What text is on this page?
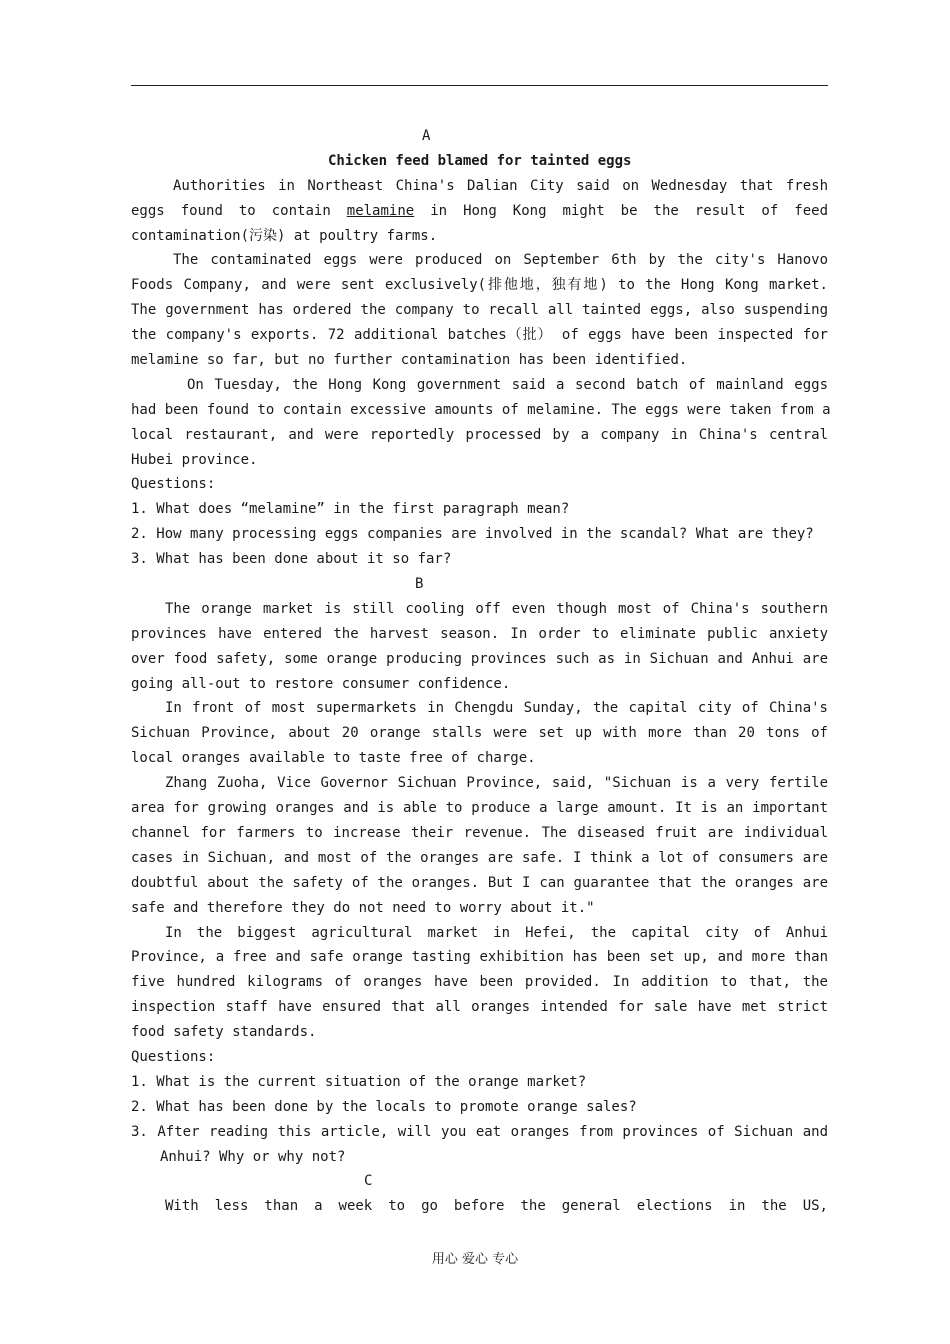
A
Chicken feed blamed for tainted eggs
Authorities in Northeast China's Dalian City said on Wednesday that fresh
eggs found to contain melamine in Hong Kong might be the result of feed
contamination(污染) at poultry farms.
The contaminated eggs were produced on September 6th by the city's Hanovo
Foods Company, and were sent exclusively(排他地，独有地) to the Hong Kong market.
The government has ordered the company to recall all tainted eggs, also suspending
the company's exports. 72 additional batches（批） of eggs have been inspected for
melamine so far, but no further contamination has been identified.
On Tuesday, the Hong Kong government said a second batch of mainland eggs
had been found to contain excessive amounts of melamine. The eggs were taken from a
local restaurant, and were reportedly processed by a company in China's central
Hubei province.
Questions:
1. What does “melamine” in the first paragraph mean?
2. How many processing eggs companies are involved in the scandal? What are they?
3. What has been done about it so far?
B
The orange market is still cooling off even though most of China's southern
provinces have entered the harvest season. In order to eliminate public anxiety
over food safety, some orange producing provinces such as in Sichuan and Anhui are
going all-out to restore consumer confidence.
In front of most supermarkets in Chengdu Sunday, the capital city of China's
Sichuan Province, about 20 orange stalls were set up with more than 20 tons of
local oranges available to taste free of charge.
Zhang Zuoha, Vice Governor Sichuan Province, said, "Sichuan is a very fertile
area for growing oranges and is able to produce a large amount. It is an important
channel for farmers to increase their revenue. The diseased fruit are individual
cases in Sichuan, and most of the oranges are safe. I think a lot of consumers are
doubtful about the safety of the oranges. But I can guarantee that the oranges are
safe and therefore they do not need to worry about it."
In the biggest agricultural market in Hefei, the capital city of Anhui
Province, a free and safe orange tasting exhibition has been set up, and more than
five hundred kilograms of oranges have been provided. In addition to that, the
inspection staff have ensured that all oranges intended for sale have met strict
food safety standards.
Questions:
1. What is the current situation of the orange market?
2. What has been done by the locals to promote orange sales?
3. After reading this article, will you eat oranges from provinces of Sichuan and
Anhui? Why or why not?
C
With less than a week to go before the general elections in the US,
用心 爱心 专心
